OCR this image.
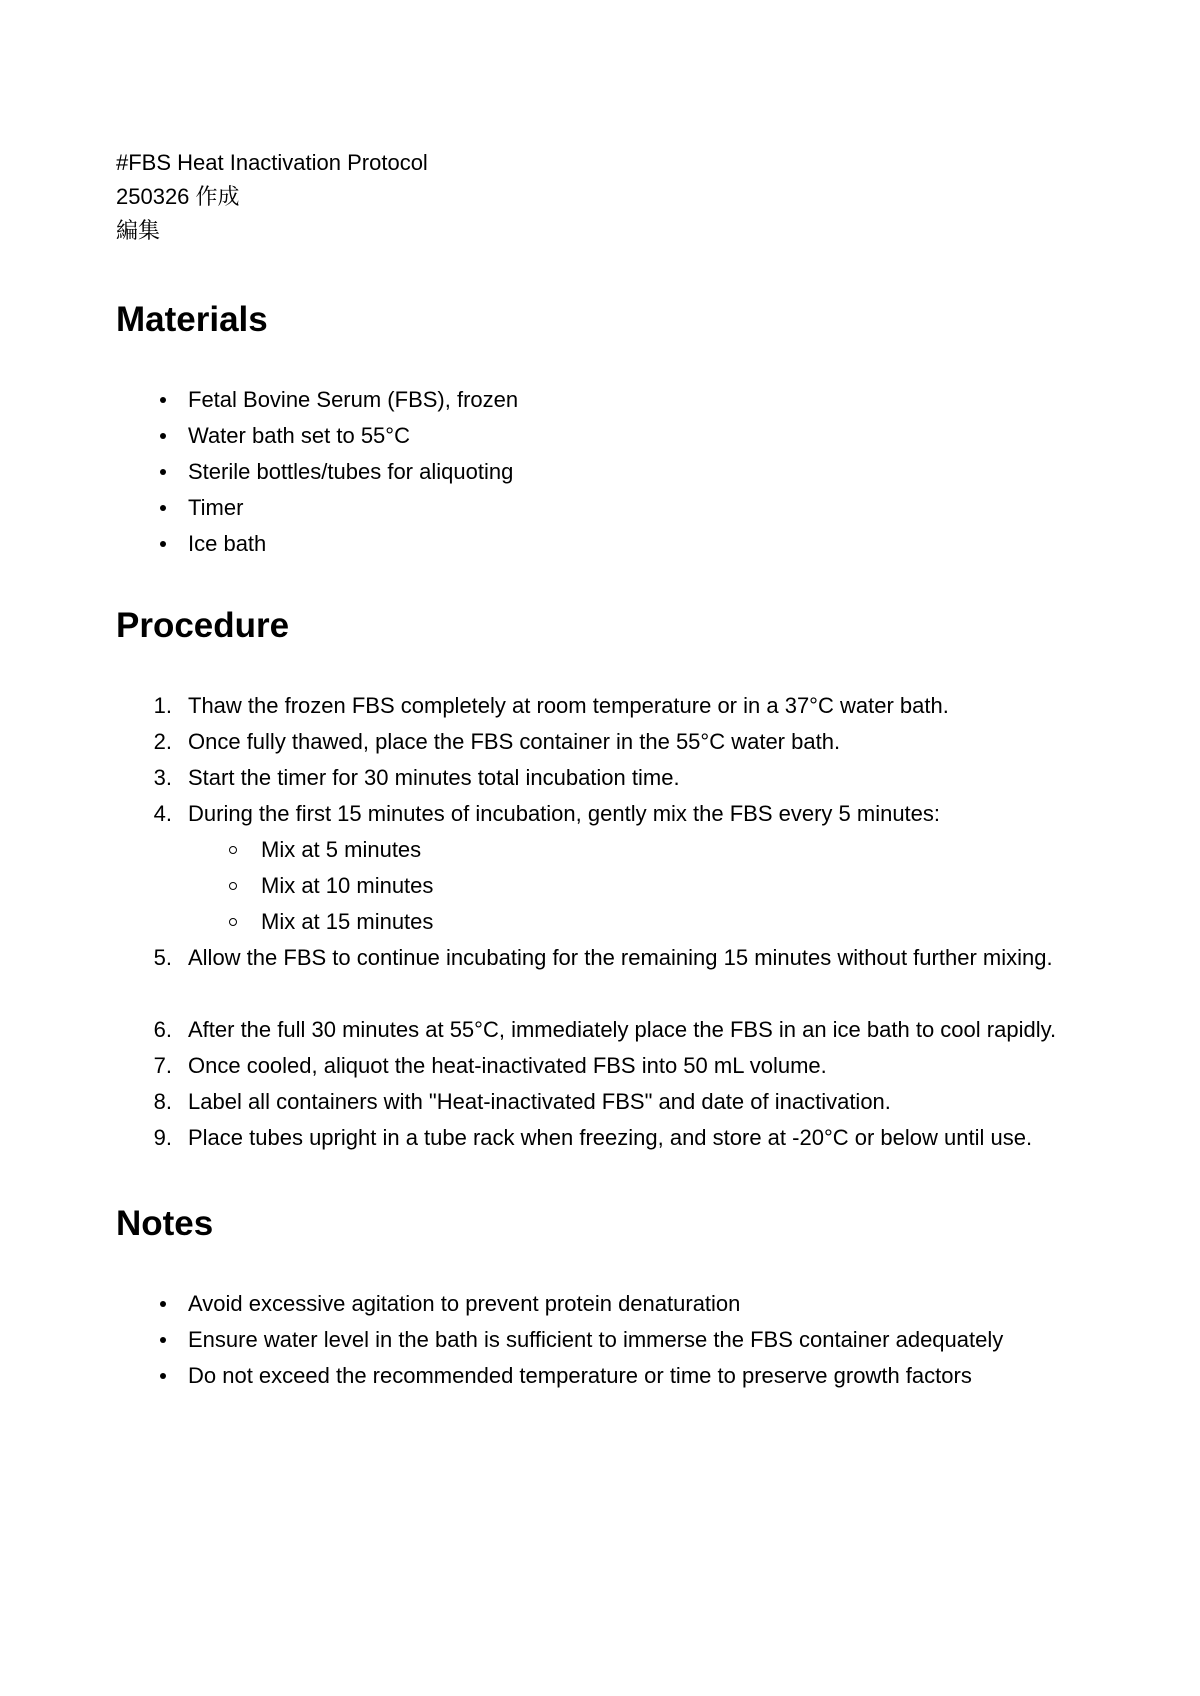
#FBS Heat Inactivation Protocol

250326 作成

編集

Materials
Fetal Bovine Serum (FBS), frozen
Water bath set to 55°C
Sterile bottles/tubes for aliquoting
Timer
Ice bath
Procedure
1 .	Thaw the frozen FBS completely at room temperature or in a 37°C water bath.
2 .	Once fully thawed, place the FBS container in the 55°C water bath.
3 .	Start the timer for 30 minutes total incubation time.
4 .	During the first 15 minutes of incubation, gently mix the FBS every 5 minutes:
Mix at 5 minutes
Mix at 10 minutes
Mix at 15 minutes
5 .	Allow the FBS to continue incubating for the remaining 15 minutes without further mixing.
6 .	After the full 30 minutes at 55°C, immediately place the FBS in an ice bath to cool rapidly.
7 .	Once cooled, aliquot the heat-inactivated FBS into 50 mL volume.
8 .	Label all containers with "Heat-inactivated FBS" and date of inactivation.
9 .	Place tubes upright in a tube rack when freezing, and store at -20°C or below until use.
Notes
Avoid excessive agitation to prevent protein denaturation
Ensure water level in the bath is sufficient to immerse the FBS container adequately
Do not exceed the recommended temperature or time to preserve growth factors
